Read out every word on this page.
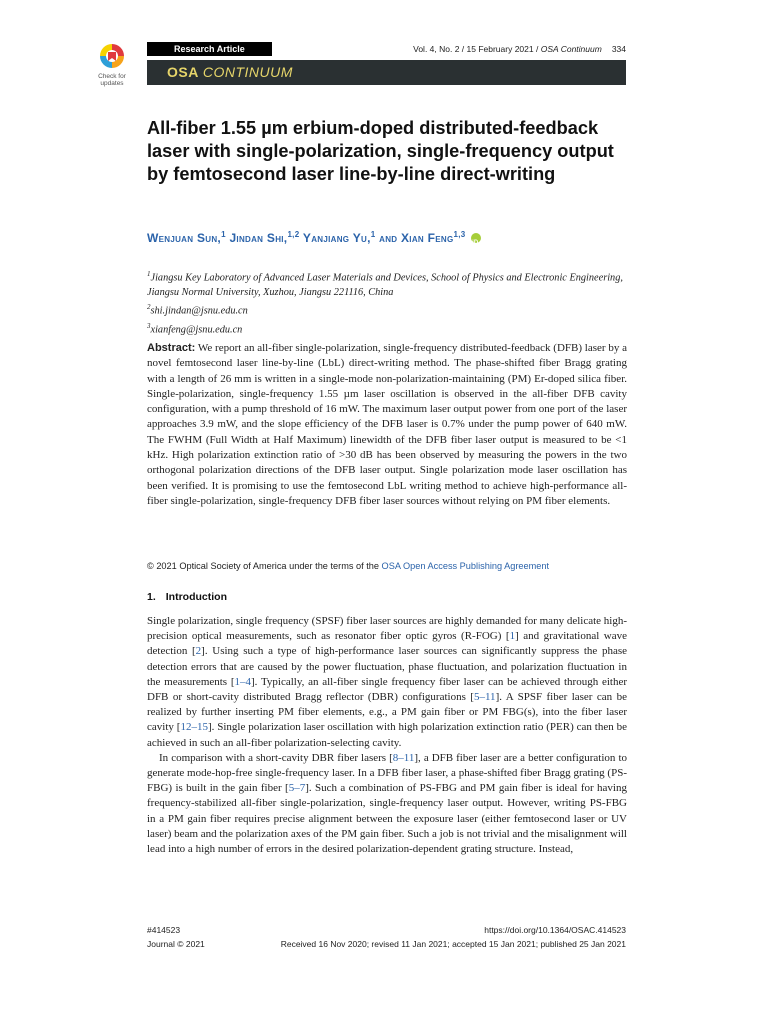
Check for
updates
Research Article	Vol. 4, No. 2 / 15 February 2021 / OSA Continuum 334
OSA CONTINUUM
All-fiber 1.55 µm erbium-doped distributed-feedback laser with single-polarization, single-frequency output by femtosecond laser line-by-line direct-writing
Wenjuan Sun,$^1$ Jindan Shi,$^{1,2}$ Yanjiang Yu,$^1$ and Xian Feng$^{1,3}$ iD
$^1$Jiangsu Key Laboratory of Advanced Laser Materials and Devices, School of Physics and Electronic Engineering, Jiangsu Normal University, Xuzhou, Jiangsu 221116, China
$^2$shi.jindan@jsnu.edu.cn
$^3$xianfeng@jsnu.edu.cn
Abstract: We report an all-fiber single-polarization, single-frequency distributed-feedback (DFB) laser by a novel femtosecond laser line-by-line (LbL) direct-writing method. The phase-shifted fiber Bragg grating with a length of 26 mm is written in a single-mode non-polarization-maintaining (PM) Er-doped silica fiber. Single-polarization, single-frequency 1.55 µm laser oscillation is observed in the all-fiber DFB cavity configuration, with a pump threshold of 16 mW. The maximum laser output power from one port of the laser approaches 3.9 mW, and the slope efficiency of the DFB laser is 0.7% under the pump power of 640 mW. The FWHM (Full Width at Half Maximum) linewidth of the DFB fiber laser output is measured to be <1 kHz. High polarization extinction ratio of >30 dB has been observed by measuring the powers in the two orthogonal polarization directions of the DFB laser output. Single polarization mode laser oscillation has been verified. It is promising to use the femtosecond LbL writing method to achieve high-performance all-fiber single-polarization, single-frequency DFB fiber laser sources without relying on PM fiber elements.
© 2021 Optical Society of America under the terms of the OSA Open Access Publishing Agreement
1. Introduction

Single polarization, single frequency (SPSF) fiber laser sources are highly demanded for many delicate high-precision optical measurements, such as resonator fiber optic gyros (R-FOG) [1] and gravitational wave detection [2]. Using such a type of high-performance laser sources can significantly suppress the phase detection errors that are caused by the power fluctuation, phase fluctuation, and polarization fluctuation in the measurements [1–4]. Typically, an all-fiber single frequency fiber laser can be achieved through either DFB or short-cavity distributed Bragg reflector (DBR) configurations [5–11]. A SPSF fiber laser can be realized by further inserting PM fiber elements, e.g., a PM gain fiber or PM FBG(s), into the fiber laser cavity [12–15]. Single polarization laser oscillation with high polarization extinction ratio (PER) can then be achieved in such an all-fiber polarization-selecting cavity.

In comparison with a short-cavity DBR fiber lasers [8–11], a DFB fiber laser are a better configuration to generate mode-hop-free single-frequency laser. In a DFB fiber laser, a phase-shifted fiber Bragg grating (PS-FBG) is built in the gain fiber [5–7]. Such a combination of PS-FBG and PM gain fiber is ideal for having frequency-stabilized all-fiber single-polarization, single-frequency laser output. However, writing PS-FBG in a PM gain fiber requires precise alignment between the exposure laser (either femtosecond laser or UV laser) beam and the polarization axes of the PM gain fiber. Such a job is not trivial and the misalignment will lead into a high number of errors in the desired polarization-dependent grating structure. Instead,

#414523	https://doi.org/10.1364/OSAC.414523
Journal © 2021	Received 16 Nov 2020; revised 11 Jan 2021; accepted 15 Jan 2021; published 25 Jan 2021
